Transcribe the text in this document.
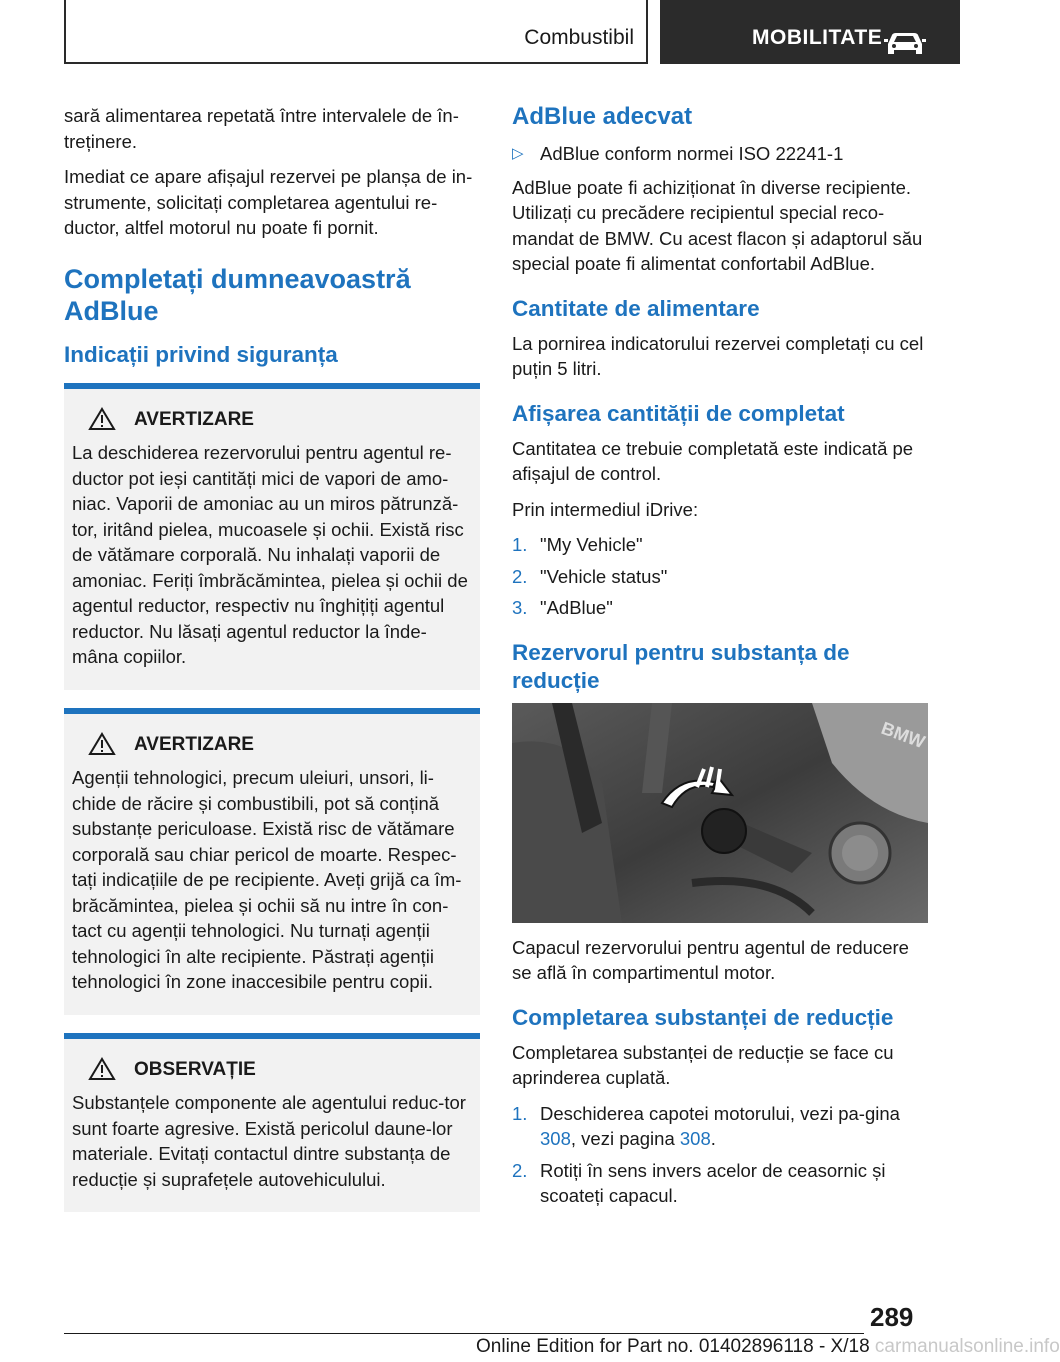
Combustibil	MOBILITATE

sară alimentarea repetată între intervalele de în-treținere.

Imediat ce apare afișajul rezervei pe planșa de in-strumente, solicitați completarea agentului re-ductor, altfel motorul nu poate fi pornit.

Completați dumneavoastră AdBlue
Indicații privind siguranța
AVERTIZARE
La deschiderea rezervorului pentru agentul re-ductor pot ieși cantități mici de vapori de amo-niac. Vaporii de amoniac au un miros pătrunză-tor, iritând pielea, mucoasele și ochii. Există risc de vătămare corporală. Nu inhalați vaporii de amoniac. Feriți îmbrăcămintea, pielea și ochii de agentul reductor, respectiv nu înghițiți agentul reductor. Nu lăsați agentul reductor la înde-mâna copiilor.
AVERTIZARE
Agenții tehnologici, precum uleiuri, unsori, li-chide de răcire și combustibili, pot să conțină substanțe periculoase. Există risc de vătămare corporală sau chiar pericol de moarte. Respec-tați indicațiile de pe recipiente. Aveți grijă ca îm-brăcămintea, pielea și ochii să nu intre în con-tact cu agenții tehnologici. Nu turnați agenții tehnologici în alte recipiente. Păstrați agenții tehnologici în zone inaccesibile pentru copii.
OBSERVAȚIE
Substanțele componente ale agentului reduc-tor sunt foarte agresive. Există pericolul daune-lor materiale. Evitați contactul dintre substanța de reducție și suprafețele autovehiculului.
AdBlue adecvat
▷ AdBlue conform normei ISO 22241-1

AdBlue poate fi achiziționat în diverse recipiente. Utilizați cu precădere recipientul special reco-mandat de BMW. Cu acest flacon și adaptorul său special poate fi alimentat confortabil AdBlue.

Cantitate de alimentare

La pornirea indicatorului rezervei completați cu cel puțin 5 litri.

Afișarea cantității de completat

Cantitatea ce trebuie completată este indicată pe afișajul de control.

Prin intermediul iDrive:

1. "My Vehicle"
2. "Vehicle status"
3. "AdBlue"
Rezervorul pentru substanța de reducție
BMW

Capacul rezervorului pentru agentul de reducere se află în compartimentul motor.

Completarea substanței de reducție

Completarea substanței de reducție se face cu aprinderea cuplată.

1. Deschiderea capotei motorului, vezi pa-gina 308, vezi pagina 308.
2. Rotiți în sens invers acelor de ceasornic și scoateți capacul.
289
Online Edition for Part no. 01402896118 - X/18 carmanualsonline.info
